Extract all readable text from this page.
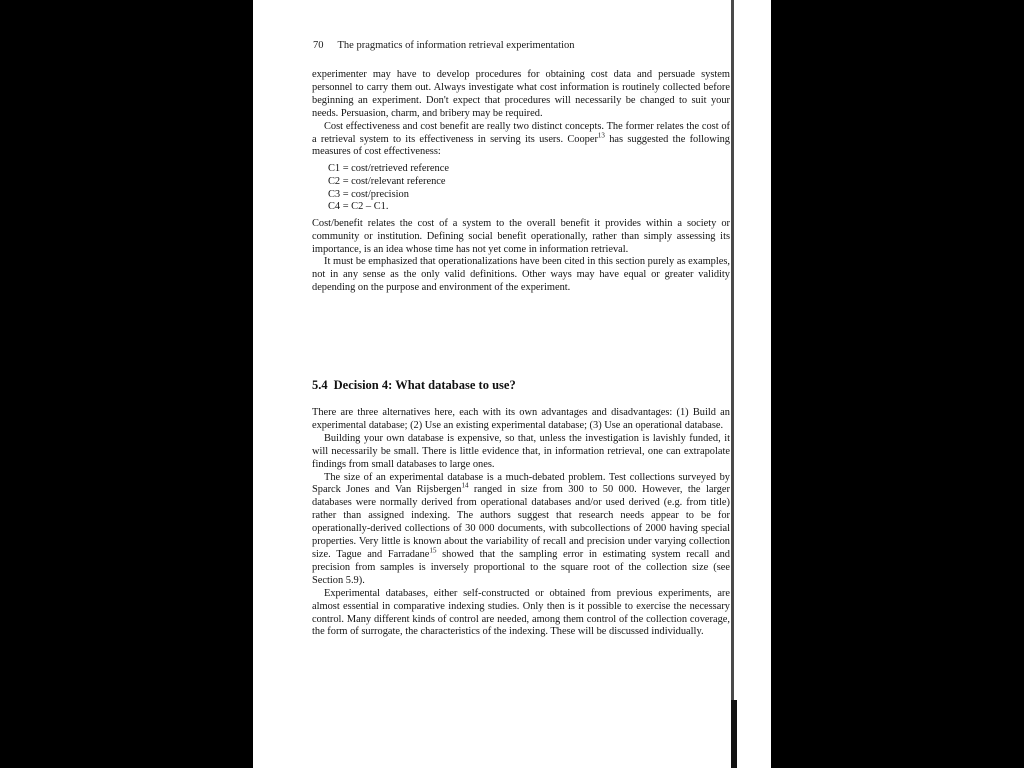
70 The pragmatics of information retrieval experimentation

experimenter may have to develop procedures for obtaining cost data and persuade system personnel to carry them out. Always investigate what cost information is routinely collected before beginning an experiment. Don't expect that procedures will necessarily be changed to suit your needs. Persuasion, charm, and bribery may be required.

Cost effectiveness and cost benefit are really two distinct concepts. The former relates the cost of a retrieval system to its effectiveness in serving its users. Cooper$^{13}$ has suggested the following measures of cost effectiveness:

C1 = cost/retrieved reference
C2 = cost/relevant reference
C3 = cost/precision
C4 = C2 – C1.

Cost/benefit relates the cost of a system to the overall benefit it provides within a society or community or institution. Defining social benefit operationally, rather than simply assessing its importance, is an idea whose time has not yet come in information retrieval.

It must be emphasized that operationalizations have been cited in this section purely as examples, not in any sense as the only valid definitions. Other ways may have equal or greater validity depending on the purpose and environment of the experiment.

5.4 Decision 4: What database to use?

There are three alternatives here, each with its own advantages and disadvantages: (1) Build an experimental database; (2) Use an existing experimental database; (3) Use an operational database.

Building your own database is expensive, so that, unless the investigation is lavishly funded, it will necessarily be small. There is little evidence that, in information retrieval, one can extrapolate findings from small databases to large ones.

The size of an experimental database is a much-debated problem. Test collections surveyed by Sparck Jones and Van Rijsbergen$^{14}$ ranged in size from 300 to 50 000. However, the larger databases were normally derived from operational databases and/or used derived (e.g. from title) rather than assigned indexing. The authors suggest that research needs appear to be for operationally-derived collections of 30 000 documents, with subcollections of 2000 having special properties. Very little is known about the variability of recall and precision under varying collection size. Tague and Farradane$^{15}$ showed that the sampling error in estimating system recall and precision from samples is inversely proportional to the square root of the collection size (see Section 5.9).

Experimental databases, either self-constructed or obtained from previous experiments, are almost essential in comparative indexing studies. Only then is it possible to exercise the necessary control. Many different kinds of control are needed, among them control of the collection coverage, the form of surrogate, the characteristics of the indexing. These will be discussed individually.
